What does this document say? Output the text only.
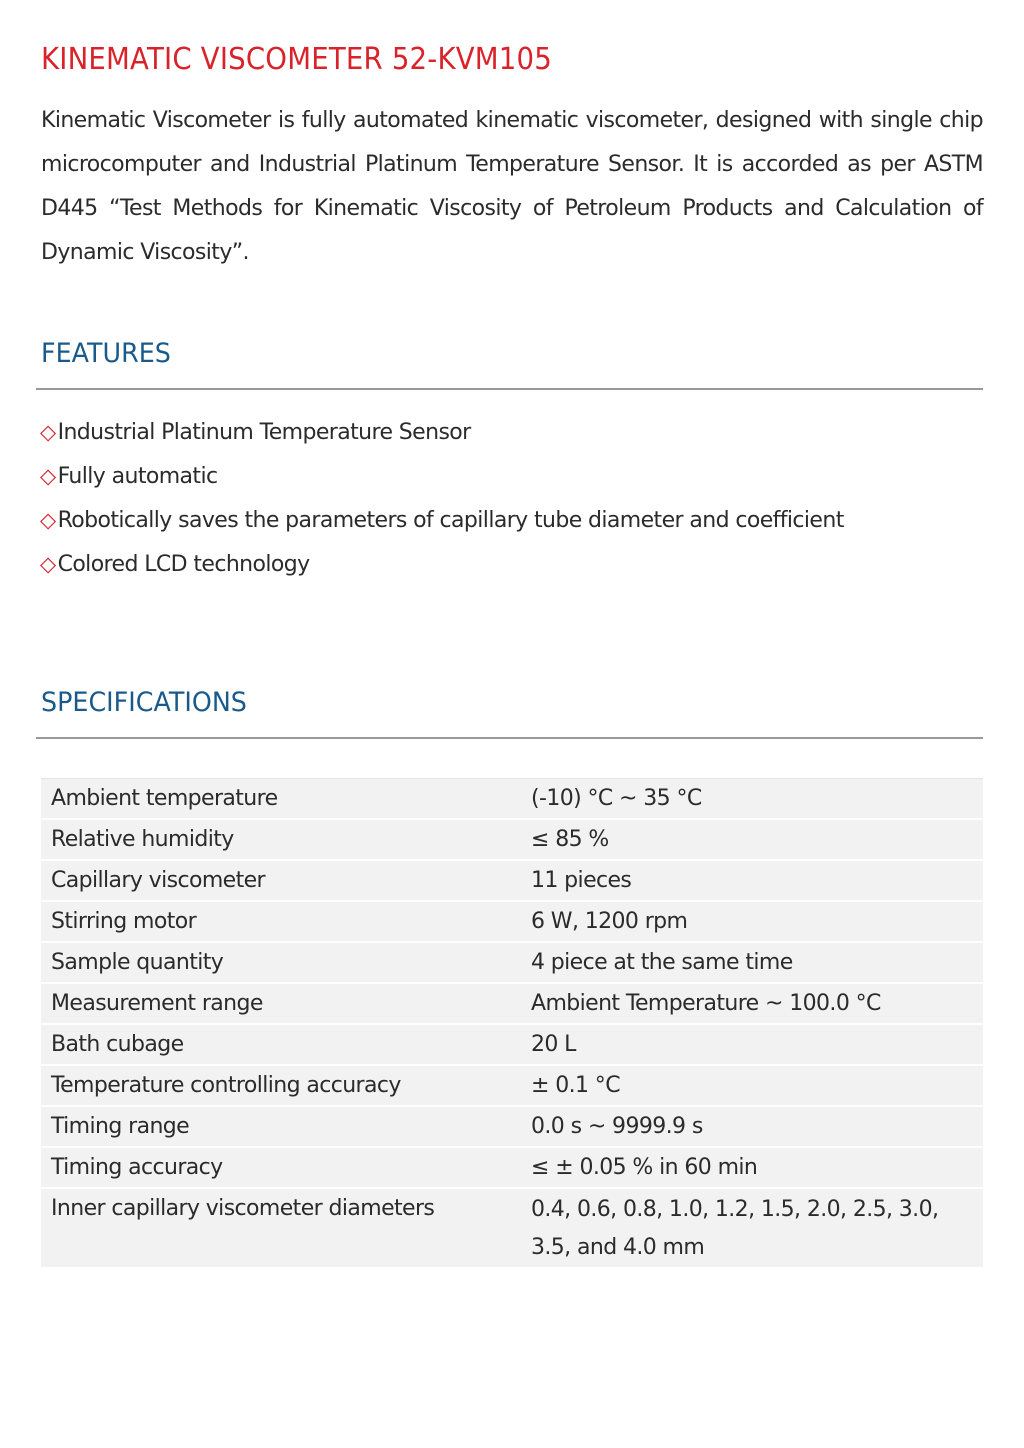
KINEMATIC VISCOMETER 52-KVM105

Kinematic Viscometer is fully automated kinematic viscometer, designed with single chip microcomputer and Industrial Platinum Temperature Sensor. It is accorded as per ASTM D445 “Test Methods for Kinematic Viscosity of Petroleum Products and Calculation of Dynamic Viscosity”.

FEATURES
◇Industrial Platinum Temperature Sensor
◇Fully automatic
◇Robotically saves the parameters of capillary tube diameter and coefficient
◇Colored LCD technology
SPECIFICATIONS
Ambient temperature	(-10) °C ~ 35 °C
Relative humidity	≤ 85 %
Capillary viscometer	11 pieces
Stirring motor	6 W, 1200 rpm
Sample quantity	4 piece at the same time
Measurement range	Ambient Temperature ~ 100.0 °C
Bath cubage	20 L
Temperature controlling accuracy	± 0.1 °C
Timing range	0.0 s ~ 9999.9 s
Timing accuracy	≤ ± 0.05 % in 60 min
Inner capillary viscometer diameters	0.4, 0.6, 0.8, 1.0, 1.2, 1.5, 2.0, 2.5, 3.0, 3.5, and 4.0 mm
